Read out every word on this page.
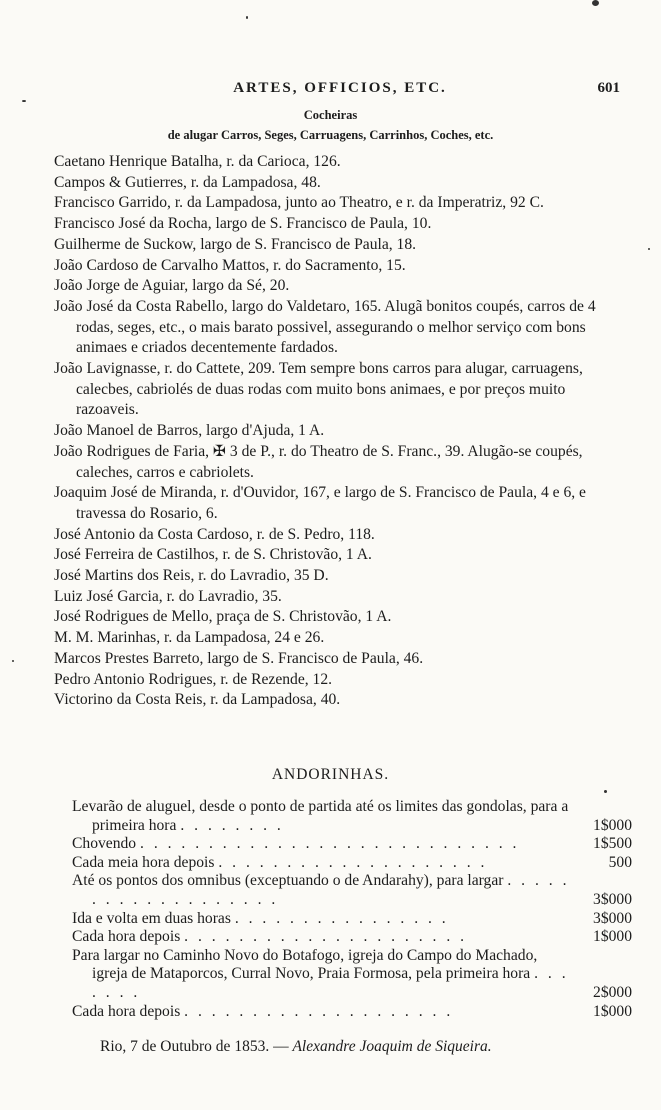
ARTES, OFFICIOS, ETC.	601
Cocheiras
de alugar Carros, Seges, Carruagens, Carrinhos, Coches, etc.

Caetano Henrique Batalha, r. da Carioca, 126.

Campos & Gutierres, r. da Lampadosa, 48.

Francisco Garrido, r. da Lampadosa, junto ao Theatro, e r. da Imperatriz, 92 C.

Francisco José da Rocha, largo de S. Francisco de Paula, 10.

Guilherme de Suckow, largo de S. Francisco de Paula, 18.

João Cardoso de Carvalho Mattos, r. do Sacramento, 15.

João Jorge de Aguiar, largo da Sé, 20.

João José da Costa Rabello, largo do Valdetaro, 165. Alugã bonitos coupés, carros de 4 rodas, seges, etc., o mais barato possivel, assegurando o melhor serviço com bons animaes e criados decentemente fardados.

João Lavignasse, r. do Cattete, 209. Tem sempre bons carros para alugar, carruagens, calecbes, cabriolés de duas rodas com muito bons animaes, e por preços muito razoaveis.

João Manoel de Barros, largo d'Ajuda, 1 A.

João Rodrigues de Faria, ✠ 3 de P., r. do Theatro de S. Franc., 39. Alugão-se coupés, caleches, carros e cabriolets.

Joaquim José de Miranda, r. d'Ouvidor, 167, e largo de S. Francisco de Paula, 4 e 6, e travessa do Rosario, 6.

José Antonio da Costa Cardoso, r. de S. Pedro, 118.

José Ferreira de Castilhos, r. de S. Christovão, 1 A.

José Martins dos Reis, r. do Lavradio, 35 D.

Luiz José Garcia, r. do Lavradio, 35.

José Rodrigues de Mello, praça de S. Christovão, 1 A.

M. M. Marinhas, r. da Lampadosa, 24 e 26.

Marcos Prestes Barreto, largo de S. Francisco de Paula, 46.

Pedro Antonio Rodrigues, r. de Rezende, 12.

Victorino da Costa Reis, r. da Lampadosa, 40.

ANDORINHAS.
Levarão de aluguel, desde o ponto de partida até os limites das gondolas, para a primeira hora . . . . . . . .	1$000
Chovendo . . . . . . . . . . . . . . . . . . . . . . . . . . . .	1$500
Cada meia hora depois . . . . . . . . . . . . . . . . . . . .	500
Até os pontos dos omnibus (exceptuando o de Andarahy), para largar . . . . . . . . . . . . . . . . . . .	3$000
Ida e volta em duas horas . . . . . . . . . . . . . . . .	3$000
Cada hora depois . . . . . . . . . . . . . . . . . . . . .	1$000
Para largar no Caminho Novo do Botafogo, igreja do Campo do Machado, igreja de Mataporcos, Curral Novo, Praia Formosa, pela primeira hora . . . . . . .	2$000
Cada hora depois . . . . . . . . . . . . . . . . . . . .	1$000
Rio, 7 de Outubro de 1853. — Alexandre Joaquim de Siqueira.
